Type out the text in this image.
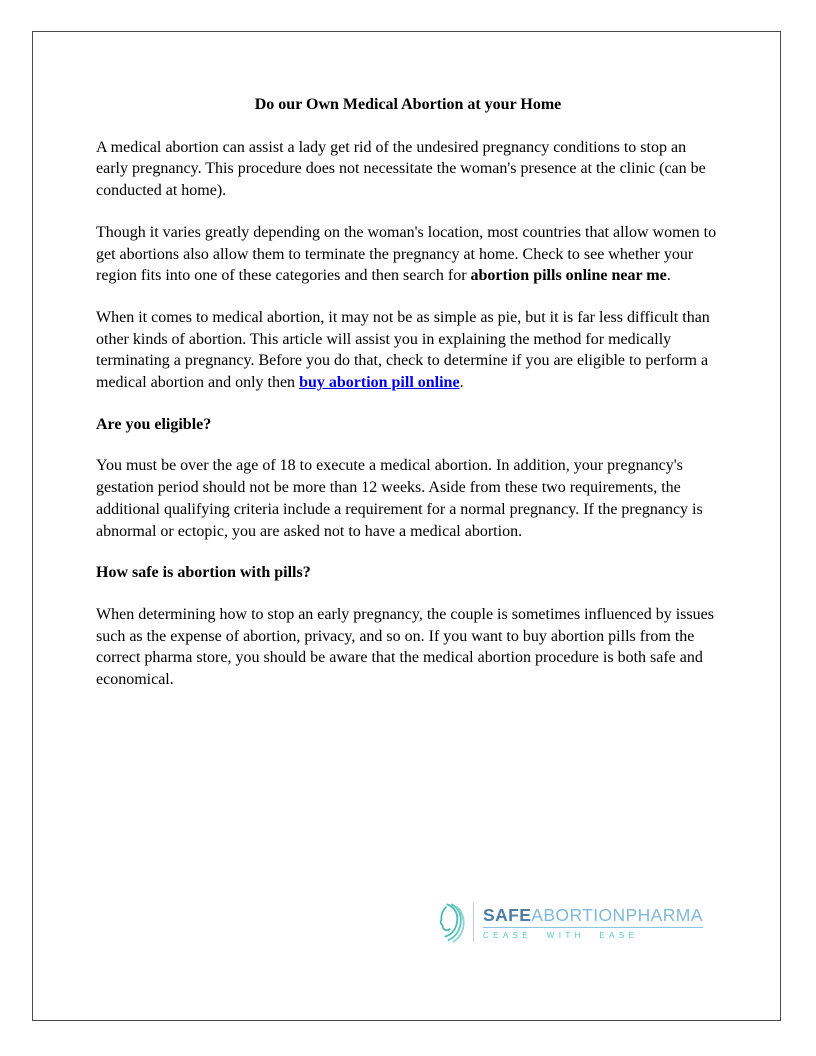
Do our Own Medical Abortion at your Home

A medical abortion can assist a lady get rid of the undesired pregnancy conditions to stop an early pregnancy. This procedure does not necessitate the woman's presence at the clinic (can be conducted at home).

Though it varies greatly depending on the woman's location, most countries that allow women to get abortions also allow them to terminate the pregnancy at home. Check to see whether your region fits into one of these categories and then search for abortion pills online near me.

When it comes to medical abortion, it may not be as simple as pie, but it is far less difficult than other kinds of abortion. This article will assist you in explaining the method for medically terminating a pregnancy. Before you do that, check to determine if you are eligible to perform a medical abortion and only then buy abortion pill online.

Are you eligible?

You must be over the age of 18 to execute a medical abortion. In addition, your pregnancy's gestation period should not be more than 12 weeks. Aside from these two requirements, the additional qualifying criteria include a requirement for a normal pregnancy. If the pregnancy is abnormal or ectopic, you are asked not to have a medical abortion.

How safe is abortion with pills?

When determining how to stop an early pregnancy, the couple is sometimes influenced by issues such as the expense of abortion, privacy, and so on. If you want to buy abortion pills from the correct pharma store, you should be aware that the medical abortion procedure is both safe and economical.

SAFEABORTIONPHARMA
CEASE WITH EASE
